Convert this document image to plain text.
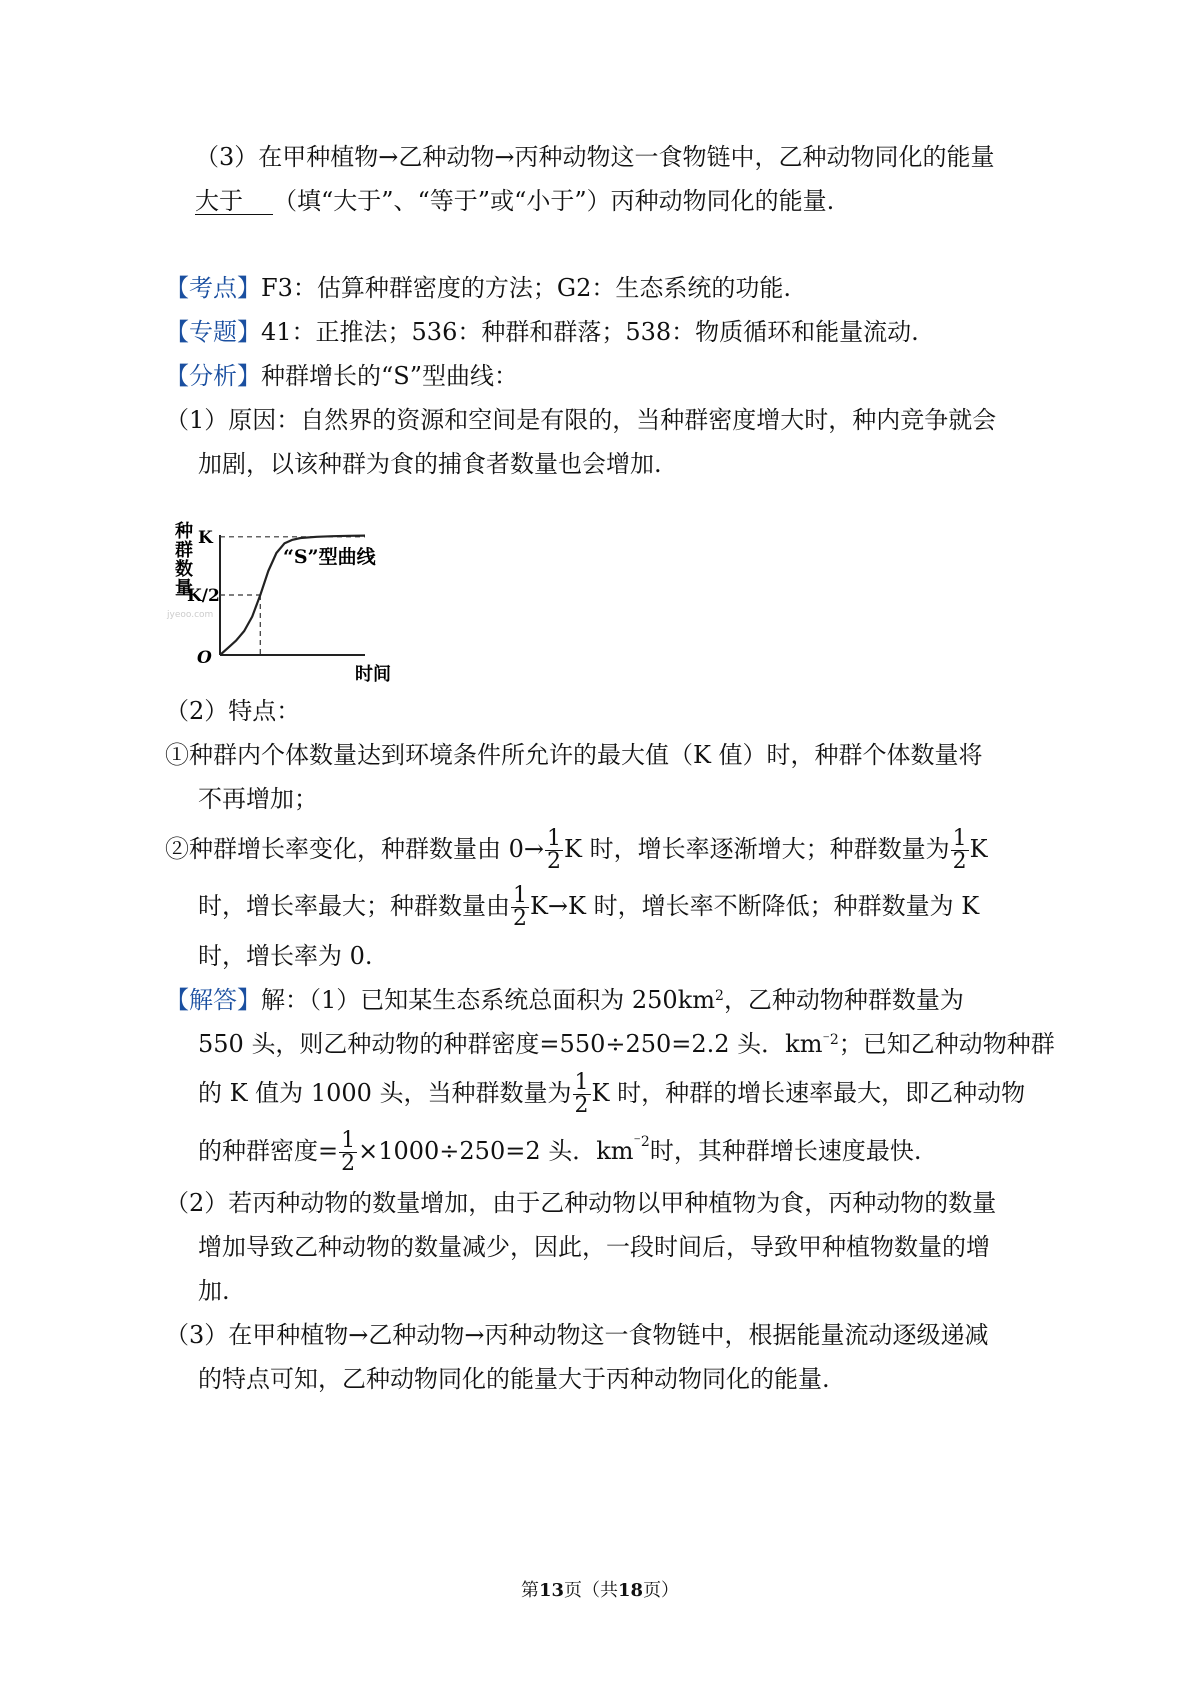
（3）在甲种植物→乙种动物→丙种动物这一食物链中，乙种动物同化的能量
大于 （填“大于”、“等于”或“小于”）丙种动物同化的能量.
【考点】F3：估算种群密度的方法；G2：生态系统的功能.
【专题】41：正推法；536：种群和群落；538：物质循环和能量流动.
【分析】种群增长的“S”型曲线：
（1）原因：自然界的资源和空间是有限的，当种群密度增大时，种内竞争就会
加剧，以该种群为食的捕食者数量也会增加.
种
群
数
量
K
K/2
“S”型曲线
O
时间
jyeoo.com
（2）特点：
①种群内个体数量达到环境条件所允许的最大值（K 值）时，种群个体数量将
不再增加；
②种群增长率变化，种群数量由 $0\to \frac{1}{2}$ K 时，增长率逐渐增大；种群数量为 $\frac{1}{2}$ K
时，增长率最大；种群数量由 $\frac{1}{2} K\to K$ 时，增长率不断降低；种群数量为 K
时，增长率为 0.
【解答】解：（1）已知某生态系统总面积为 $250km^2$，乙种动物种群数量为
550 头，则乙种动物的种群密度=550÷250=2.2 头．$km^{^-2}$；已知乙种动物种群
的 K 值为 1000 头，当种群数量为 $\frac{1}{2}$ K 时，种群的增长速率最大，即乙种动物
的种群密度= $\frac{1}{2} \times 1000\div 250=2$ 头．$km^{^-2}$时，其种群增长速度最快.
（2）若丙种动物的数量增加，由于乙种动物以甲种植物为食，丙种动物的数量
增加导致乙种动物的数量减少，因此，一段时间后，导致甲种植物数量的增
加.
（3）在甲种植物→乙种动物→丙种动物这一食物链中，根据能量流动逐级递减
的特点可知，乙种动物同化的能量大于丙种动物同化的能量.
第13页（共18页）
